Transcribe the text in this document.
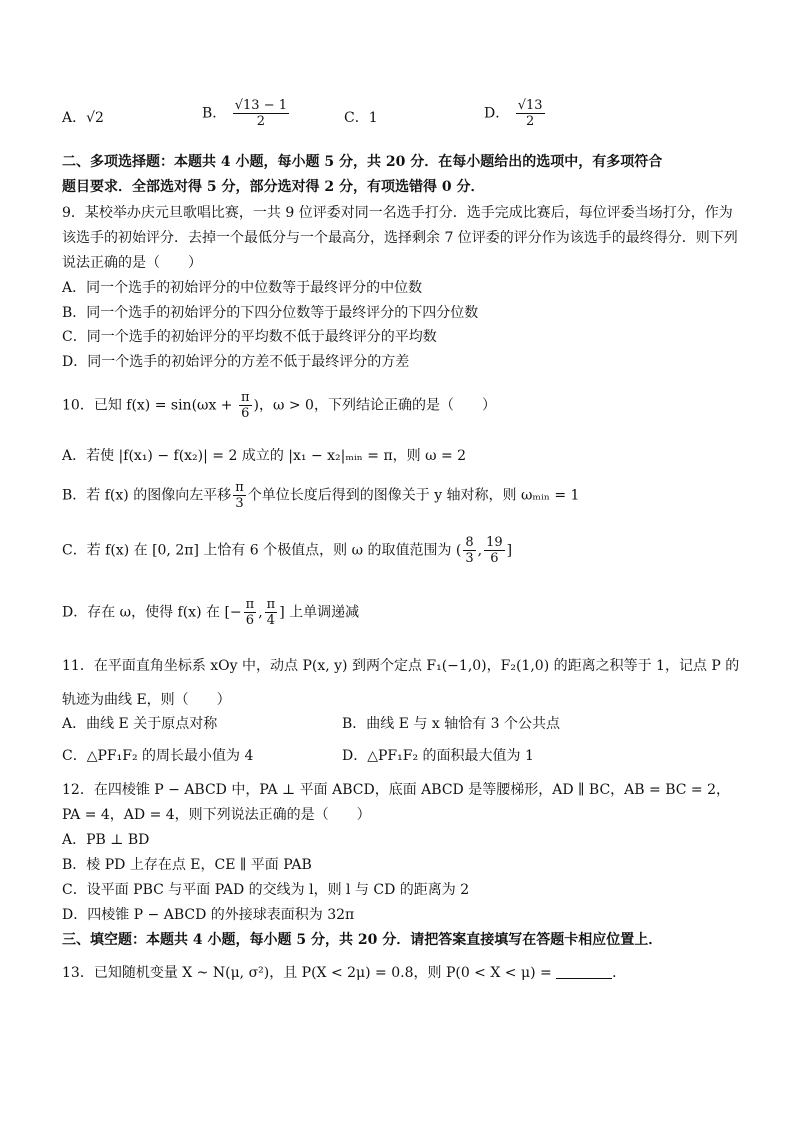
A．√2	B． $\frac{√13 - 1}{2}$	C．1	D． $\frac{√13}{2}$
二、多项选择题：本题共 4 小题，每小题 5 分，共 20 分．在每小题给出的选项中，有多项符合
题目要求．全部选对得 5 分，部分选对得 2 分，有项选错得 0 分．
9．某校举办庆元旦歌唱比赛，一共 9 位评委对同一名选手打分．选手完成比赛后，每位评委当场打分，作为
该选手的初始评分．去掉一个最低分与一个最高分，选择剩余 7 位评委的评分作为该选手的最终得分．则下列
说法正确的是（　　）
A．同一个选手的初始评分的中位数等于最终评分的中位数
B．同一个选手的初始评分的下四分位数等于最终评分的下四分位数
C．同一个选手的初始评分的平均数不低于最终评分的平均数
D．同一个选手的初始评分的方差不低于最终评分的方差
10．已知 $f(x) = \sin(\omega x + \frac{\pi}{6}$ )，ω > 0，下列结论正确的是（　　）
A．若使 |f(x₁) − f(x₂)| = 2 成立的 |x₁ − x₂|ₘᵢₙ = π，则 ω = 2
B．若 f(x) 的图像向左平移 $\frac{\pi}{3}$ 个单位长度后得到的图像关于 y 轴对称，则 ωₘᵢₙ = 1
C．若 f(x) 在 [0, 2π] 上恰有 6 个极值点，则 ω 的取值范围为 ( $\frac{8}{3}$ , $\frac{19}{6}$ ]
D．存在 ω，使得 f(x) 在 [− $\frac{\pi}{6}$ , $\frac{\pi}{4}$ ] 上单调递减
11．在平面直角坐标系 xOy 中，动点 P(x, y) 到两个定点 F₁(−1,0)，F₂(1,0) 的距离之积等于 1，记点 P 的
轨迹为曲线 E，则（　　）
A．曲线 E 关于原点对称	B．曲线 E 与 x 轴恰有 3 个公共点
C．△PF₁F₂ 的周长最小值为 4	D．△PF₁F₂ 的面积最大值为 1
12．在四棱锥 P − ABCD 中，PA ⊥ 平面 ABCD，底面 ABCD 是等腰梯形，AD ∥ BC，AB = BC = 2，
PA = 4，AD = 4，则下列说法正确的是（　　）
A．PB ⊥ BD
B．棱 PD 上存在点 E，CE ∥ 平面 PAB
C．设平面 PBC 与平面 PAD 的交线为 l，则 l 与 CD 的距离为 2
D．四棱锥 P − ABCD 的外接球表面积为 32π
三、填空题：本题共 4 小题，每小题 5 分，共 20 分．请把答案直接填写在答题卡相应位置上．
13．已知随机变量 X ~ N(μ, σ²)，且 P(X < 2μ) = 0.8，则 P(0 < X < μ) =	．
